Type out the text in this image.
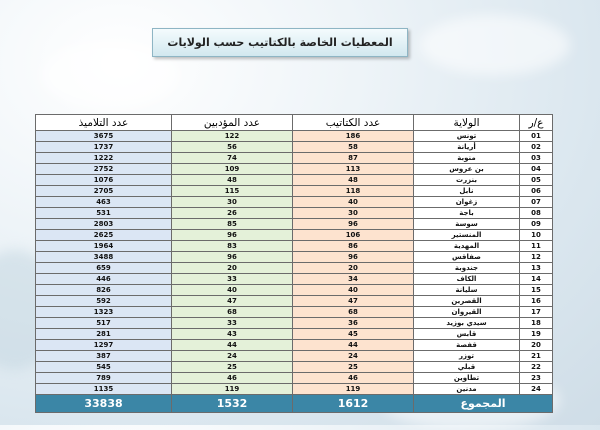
المعطيات الخاصة بالكتاتيب حسب الولايات
ع/ر	الولاية	عدد الكتاتيب	عدد المؤدبين	عدد التلاميذ
01	تونس	186	122	3675
02	أريانة	58	56	1737
03	منوبة	87	74	1222
04	بن عروس	113	109	2752
05	بنزرت	48	48	1076
06	نابل	118	115	2705
07	زغوان	40	30	463
08	باجة	30	26	531
09	سوسة	96	85	2803
10	المنستير	106	96	2625
11	المهدية	86	83	1964
12	صفاقس	96	96	3488
13	جندوبة	20	20	659
14	الكاف	34	33	446
15	سليانة	40	40	826
16	القصرين	47	47	592
17	القيروان	68	68	1323
18	سيدي بوزيد	36	33	517
19	قابس	45	43	281
20	قفصة	44	44	1297
21	توزر	24	24	387
22	قبلي	25	25	545
23	تطاوين	46	46	789
24	مدنين	119	119	1135
المجموع		1612	1532	33838
